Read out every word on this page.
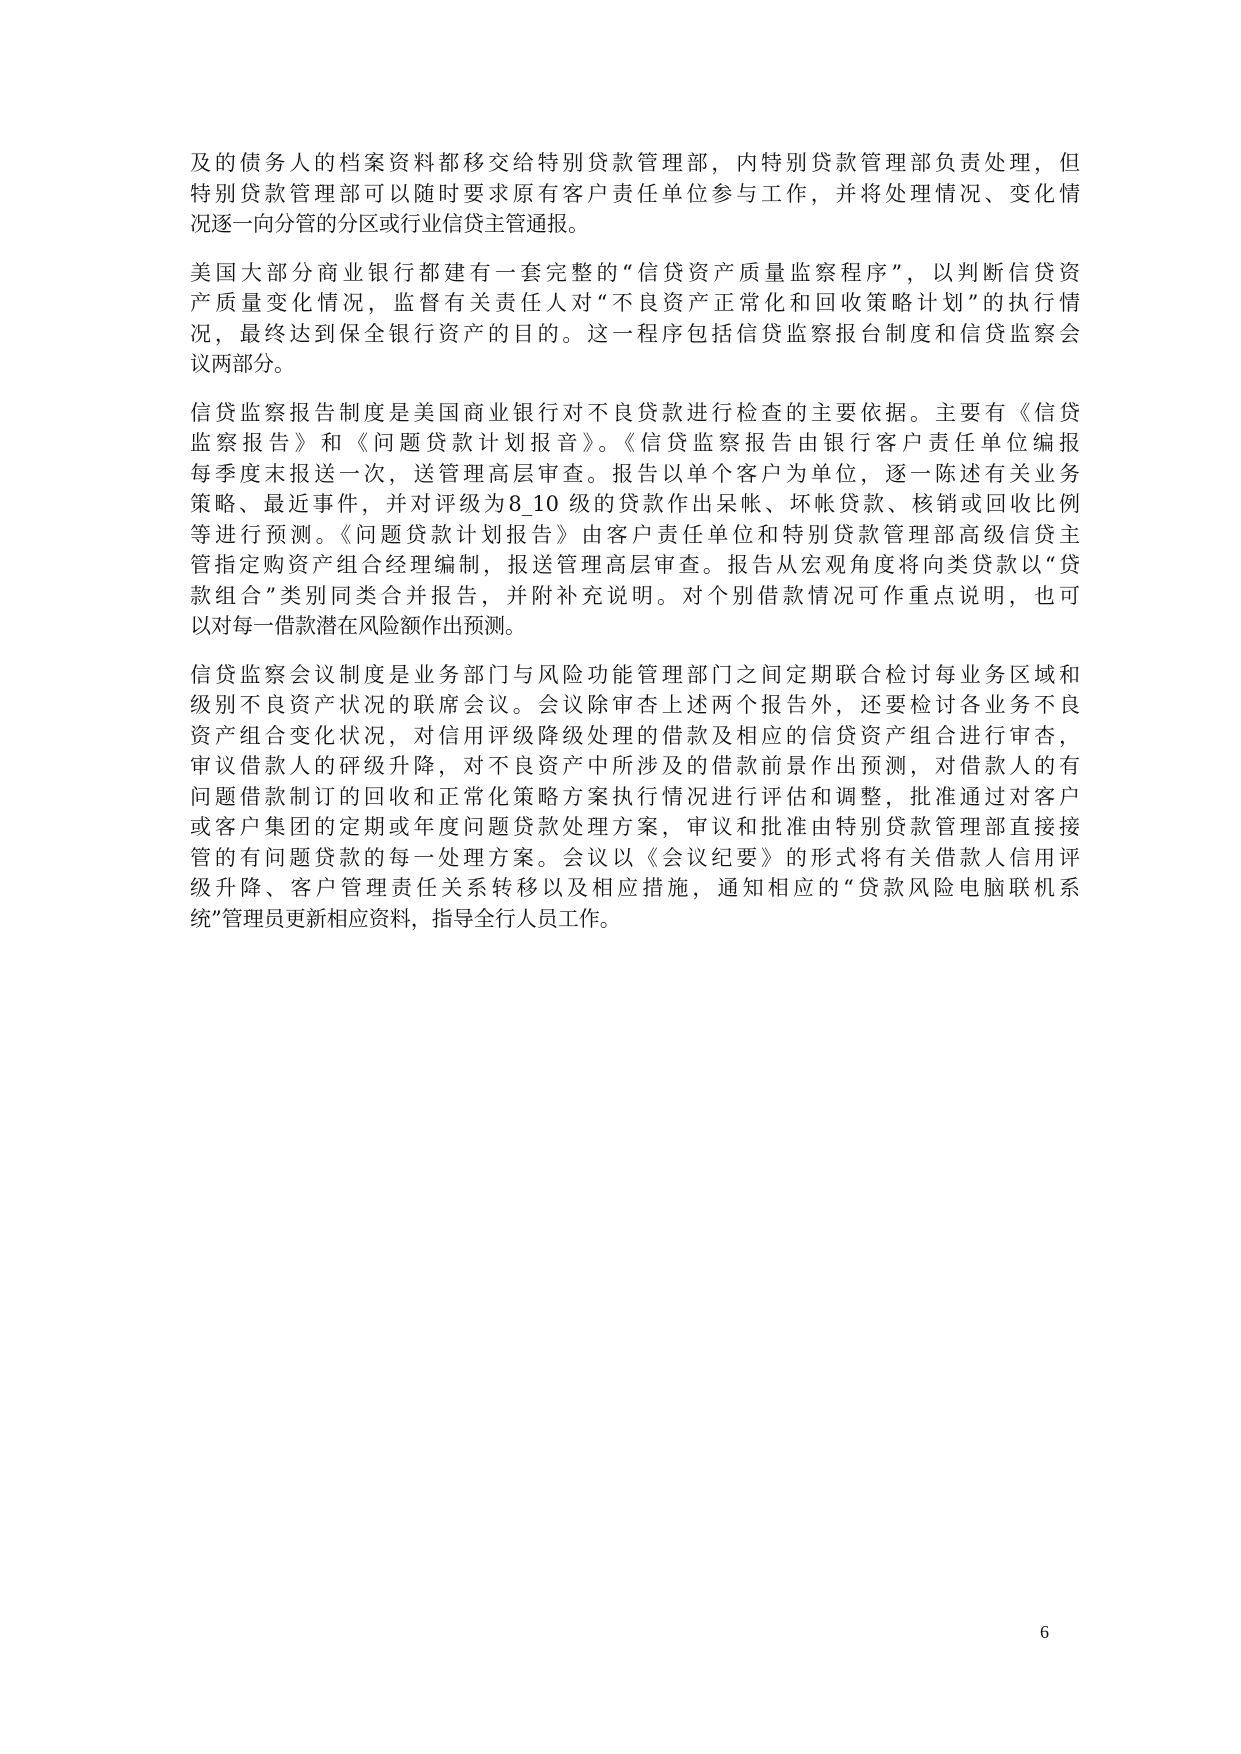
及的债务人的档案资料都移交给特别贷款管理部，内特别贷款管理部负责处理，但
特别贷款管理部可以随时要求原有客户责任单位参与工作，并将处理情况、变化情
况逐一向分管的分区或行业信贷主管通报。
美国大部分商业银行都建有一套完整的“信贷资产质量监察程序”，以判断信贷资
产质量变化情况，监督有关责任人对“不良资产正常化和回收策略计划”的执行情
况，最终达到保全银行资产的目的。这一程序包括信贷监察报台制度和信贷监察会
议两部分。
信贷监察报告制度是美国商业银行对不良贷款进行检查的主要依据。主要有《信贷
监察报告》和《问题贷款计划报音》。《信贷监察报告由银行客户责任单位编报
每季度末报送一次，送管理高层审查。报告以单个客户为单位，逐一陈述有关业务
策略、最近事件，并对评级为8_10 级的贷款作出呆帐、坏帐贷款、核销或回收比例
等进行预测。《问题贷款计划报告》由客户责任单位和特别贷款管理部高级信贷主
管指定购资产组合经理编制，报送管理高层审查。报告从宏观角度将向类贷款以“贷
款组合”类别同类合并报告，并附补充说明。对个别借款情况可作重点说明，也可
以对每一借款潜在风险额作出预测。
信贷监察会议制度是业务部门与风险功能管理部门之间定期联合检讨每业务区域和
级别不良资产状况的联席会议。会议除审杏上述两个报告外，还要检讨各业务不良
资产组合变化状况，对信用评级降级处理的借款及相应的信贷资产组合进行审杏，
审议借款人的砰级升降，对不良资产中所涉及的借款前景作出预测，对借款人的有
问题借款制订的回收和正常化策略方案执行情况进行评估和调整，批准通过对客户
或客户集团的定期或年度问题贷款处理方案，审议和批准由特别贷款管理部直接接
管的有问题贷款的每一处理方案。会议以《会议纪要》的形式将有关借款人信用评
级升降、客户管理责任关系转移以及相应措施，通知相应的“贷款风险电脑联机系
统”管理员更新相应资料，指导全行人员工作。
6
